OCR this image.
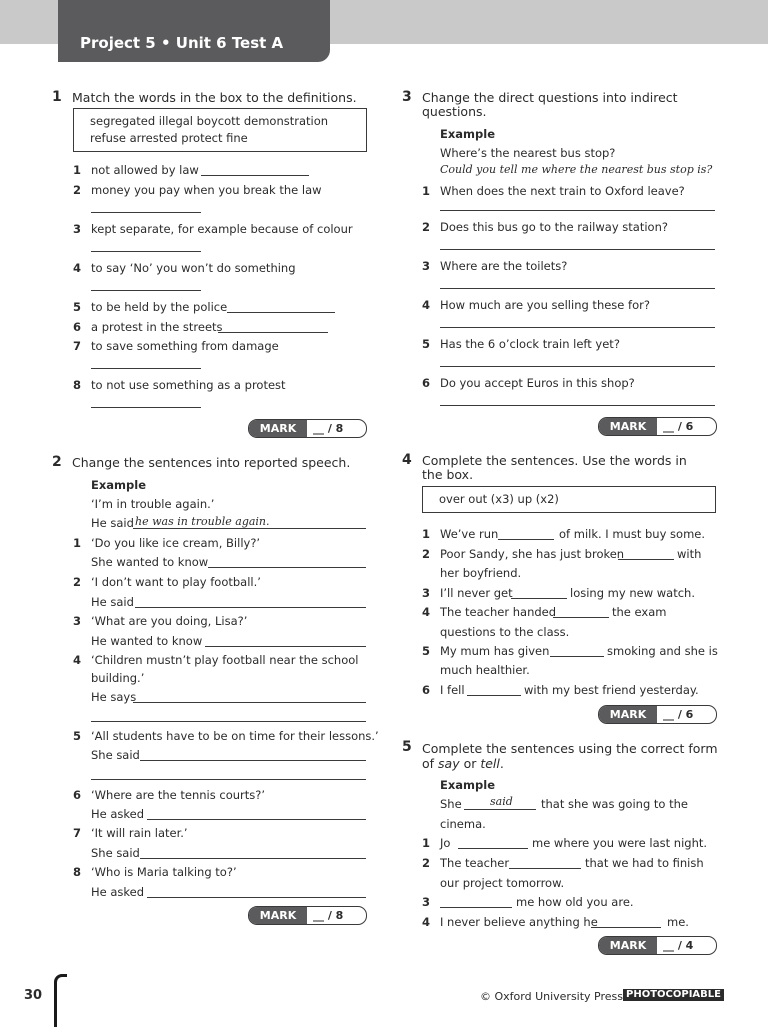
Project 5 • Unit 6 Test A
1 Match the words in the box to the definitions.
segregated illegal boycott demonstration
refuse arrested protect fine
1 not allowed by law
2 money you pay when you break the law
3 kept separate, for example because of colour
4 to say ‘No’ you won’t do something
5 to be held by the police
6 a protest in the streets
7 to save something from damage
8 to not use something as a protest
MARK	__ / 8
2 Change the sentences into reported speech.
Example
‘I’m in trouble again.’
He said he was in trouble again.
1 ‘Do you like ice cream, Billy?’
She wanted to know
2 ‘I don’t want to play football.’
He said
3 ‘What are you doing, Lisa?’
He wanted to know
4 ‘Children mustn’t play football near the school
building.’
He says
5 ‘All students have to be on time for their lessons.’
She said
6 ‘Where are the tennis courts?’
He asked
7 ‘It will rain later.’
She said
8 ‘Who is Maria talking to?’
He asked
MARK	__ / 8
3 Change the direct questions into indirect
questions.
Example
Where’s the nearest bus stop?
Could you tell me where the nearest bus stop is?
1 When does the next train to Oxford leave?
2 Does this bus go to the railway station?
3 Where are the toilets?
4 How much are you selling these for?
5 Has the 6 o’clock train left yet?
6 Do you accept Euros in this shop?
MARK	__ / 6
4 Complete the sentences. Use the words in
the box.
over out (x3) up (x2)
1 We’ve run	of milk. I must buy some.
2 Poor Sandy, she has just broken	with
her boyfriend.
3 I’ll never get	losing my new watch.
4 The teacher handed	the exam
questions to the class.
5 My mum has given	smoking and she is
much healthier.
6 I fell	with my best friend yesterday.
MARK	__ / 6
5 Complete the sentences using the correct form
of say or tell.
Example
She	said that she was going to the
cinema.
1 Jo	me where you were last night.
2 The teacher	that we had to finish
our project tomorrow.
3	me how old you are.
4 I never believe anything he	me.
MARK	__ / 4
30	© Oxford University Press PHOTOCOPIABLE
